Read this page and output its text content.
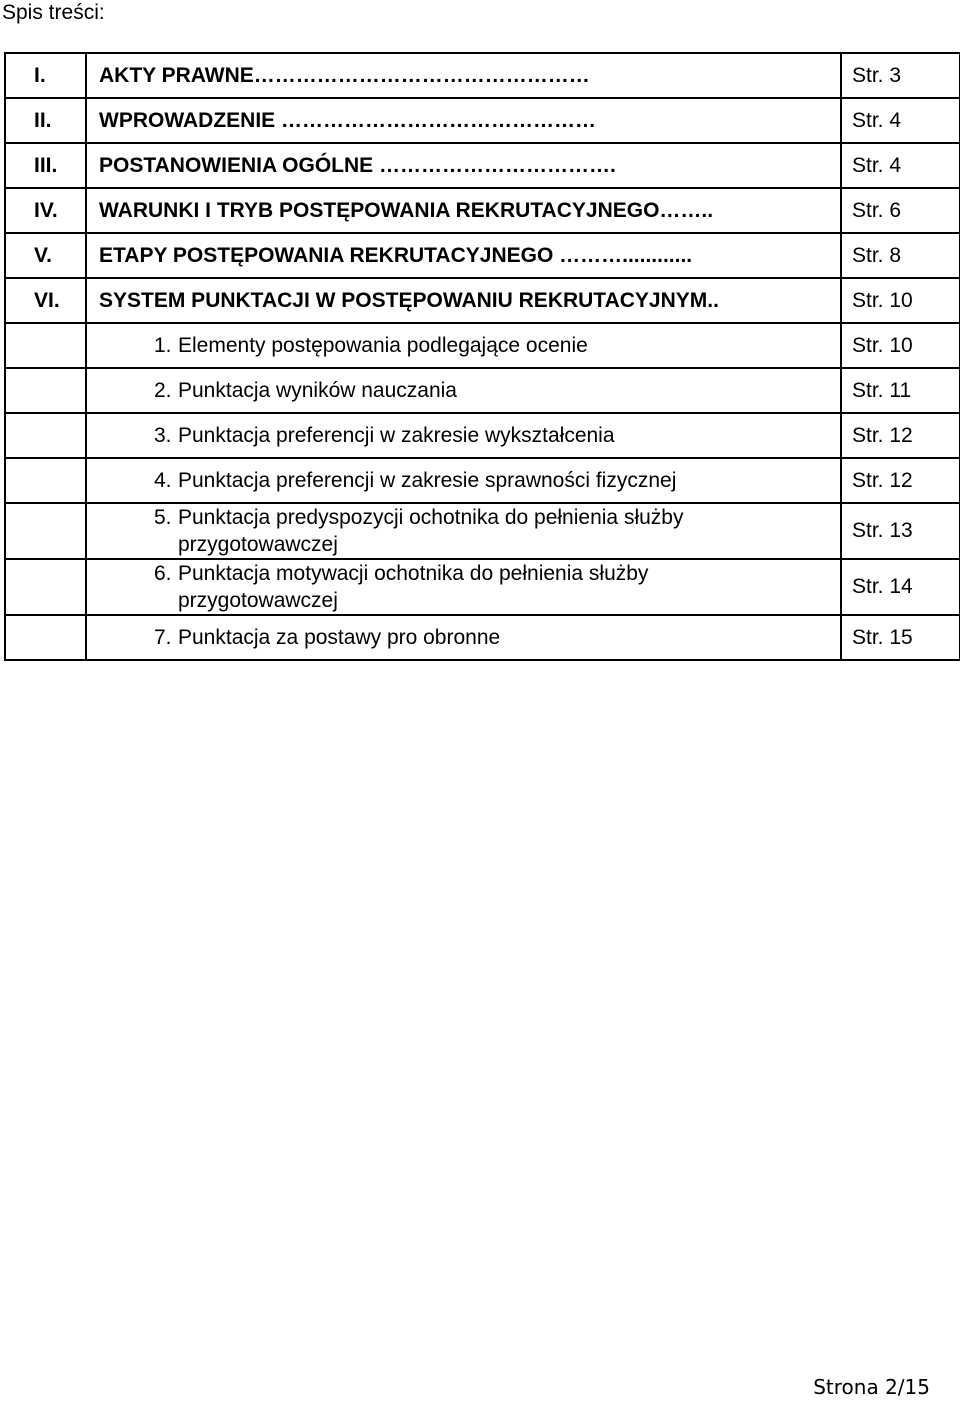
Spis treści:
I.	AKTY PRAWNE…………………………………………	Str. 3
II.	WPROWADZENIE ………………………………………	Str. 4
III.	POSTANOWIENIA OGÓLNE …………………………….	Str. 4
IV.	WARUNKI I TRYB POSTĘPOWANIA REKRUTACYJNEGO……..	Str. 6
V.	ETAPY POSTĘPOWANIA REKRUTACYJNEGO ………............	Str. 8
VI.	SYSTEM PUNKTACJI W POSTĘPOWANIU REKRUTACYJNYM..	Str. 10

	1. Elementy postępowania podlegające ocenie	Str. 10

	2. Punktacja wyników nauczania	Str. 11

	3. Punktacja preferencji w zakresie wykształcenia	Str. 12

	4. Punktacja preferencji w zakresie sprawności fizycznej	Str. 12

	5. Punktacja predyspozycji ochotnika do pełnienia służby przygotowawczej	Str. 13

	6. Punktacja motywacji ochotnika do pełnienia służby przygotowawczej	Str. 14

	7. Punktacja za postawy pro obronne	Str. 15
Strona 2/15
